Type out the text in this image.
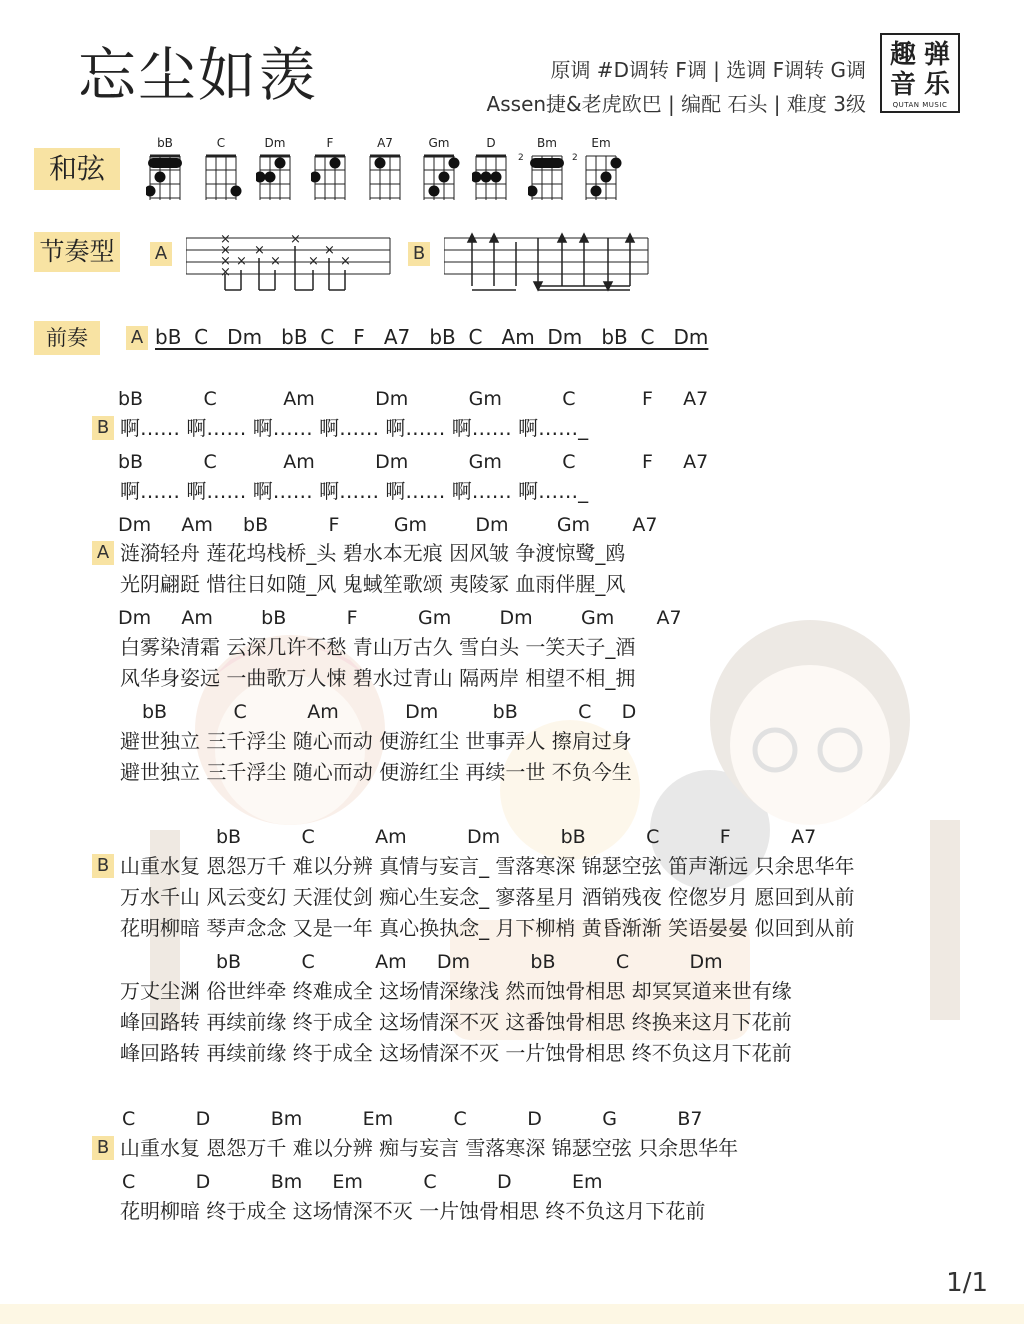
忘尘如羡	原调 #D调转 F调 | 选调 F调转 G调
Assen捷&老虎欧巴 | 编配 石头 | 难度 3级
趣 弹
音 乐
QUTAN MUSIC
和弦
节奏型
前奏
bB	C	Dm	F	A7	Gm	D	Bm
2
Em
2
A
×
×
×
×
×
×
×
×
×
×
×	B
A bB  C   Dm   bB  C   F   A7   bB  C   Am  Dm   bB  C   Dm
bB          C           Am          Dm          Gm          C           F     A7
B 啊…… 啊…… 啊…… 啊…… 啊…… 啊…… 啊……_
bB          C           Am          Dm          Gm          C           F     A7
啊…… 啊…… 啊…… 啊…… 啊…… 啊…… 啊……_
Dm     Am     bB          F         Gm        Dm        Gm       A7
A 涟漪轻舟 莲花坞栈桥_头 碧水本无痕 因风皱 争渡惊鹭_鸥
光阴翩跹 惜往日如随_风 鬼蜮笙歌颂 夷陵冢 血雨伴腥_风
Dm     Am        bB          F          Gm        Dm        Gm       A7
白雾染清霜 云深几许不愁 青山万古久 雪白头 一笑天子_酒
风华身姿远 一曲歌万人悚 碧水过青山 隔两岸 相望不相_拥
bB           C          Am           Dm         bB          C     D
避世独立 三千浮尘 随心而动 便游红尘 世事弄人 擦肩过身
避世独立 三千浮尘 随心而动 便游红尘 再续一世 不负今生
bB          C          Am          Dm          bB          C          F          A7
B 山重水复 恩怨万千 难以分辨 真情与妄言_ 雪落寒深 锦瑟空弦 笛声渐远 只余思华年
万水千山 风云变幻 天涯仗剑 痴心生妄念_ 寥落星月 酒销残夜 倥偬岁月 愿回到从前
花明柳暗 琴声念念 又是一年 真心换执念_ 月下柳梢 黄昏渐渐 笑语晏晏 似回到从前
bB          C          Am     Dm          bB          C          Dm
万丈尘渊 俗世绊牵 终难成全 这场情深缘浅 然而蚀骨相思 却冥冥道来世有缘
峰回路转 再续前缘 终于成全 这场情深不灭 这番蚀骨相思 终换来这月下花前
峰回路转 再续前缘 终于成全 这场情深不灭 一片蚀骨相思 终不负这月下花前
C          D          Bm          Em          C          D          G          B7
B 山重水复 恩怨万千 难以分辨 痴与妄言 雪落寒深 锦瑟空弦 只余思华年
C          D          Bm     Em          C          D          Em
花明柳暗 终于成全 这场情深不灭 一片蚀骨相思 终不负这月下花前
1/1
